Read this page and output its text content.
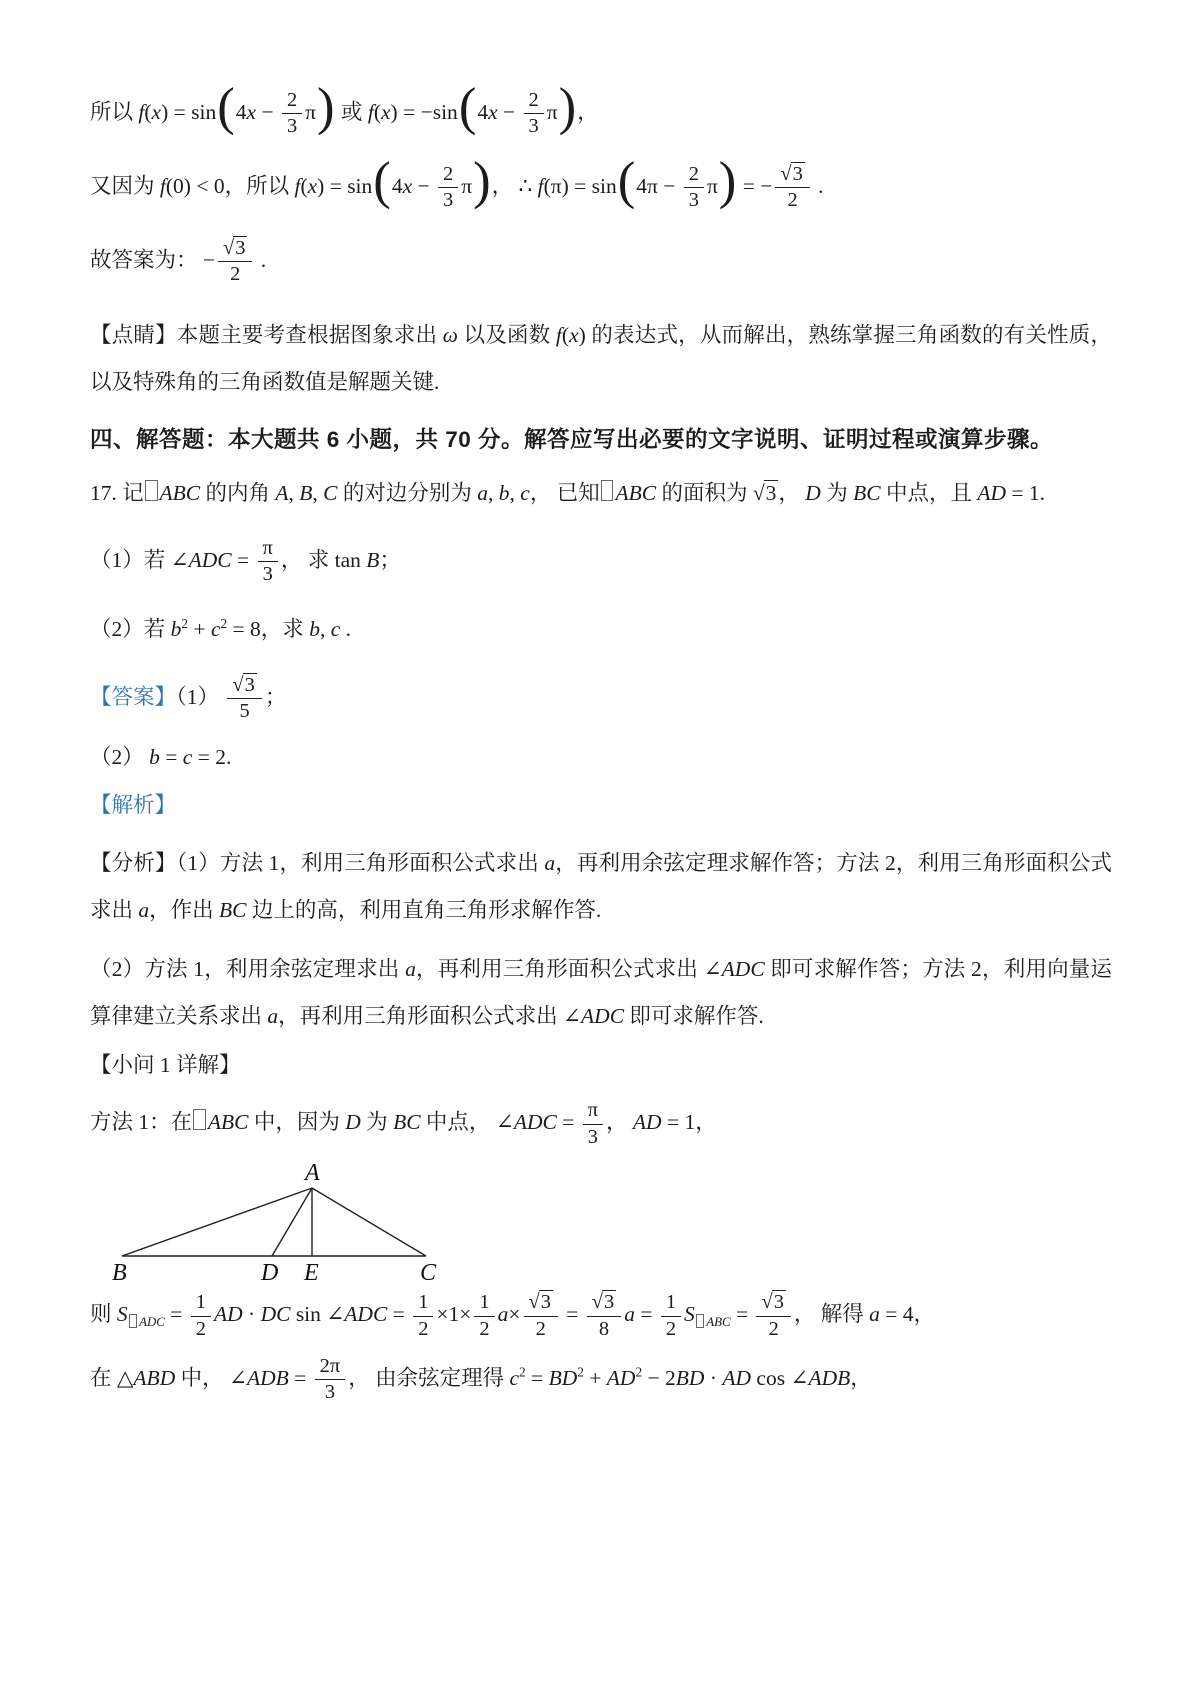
所以 $f(x) = \sin(4x - \frac{2}{3} \pi)$ 或 $f(x) = -\sin(4x - \frac{2}{3} \pi)$，
又因为 f(0) < 0，所以 $f(x) = \sin(4x - \frac{2}{3} \pi)$， ∴ $f(\pi) = \sin(4\pi - \frac{2}{3} \pi)$ = − $\frac{√3}{2}$ .
故答案为： − $\frac{√3}{2}$ .
【点睛】本题主要考查根据图象求出 ω 以及函数 f(x) 的表达式，从而解出，熟练掌握三角函数的有关性质，以及特殊角的三角函数值是解题关键.
四、解答题：本大题共 6 小题，共 70 分。解答应写出必要的文字说明、证明过程或演算步骤。
17. 记 ABC 的内角 A, B, C 的对边分别为 a, b, c， 已知 ABC 的面积为 √3， D 为 BC 中点，且 AD = 1.
（1）若 ∠ADC = $\frac{\pi}{3}$ ， 求 tan B；
（2）若 $b^2 + c^2 = 8$，求 b, c .
【答案】$(1) \frac{√3}{5}$ ；
（2） b = c = 2.
【解析】
【分析】（1）方法 1，利用三角形面积公式求出 a，再利用余弦定理求解作答；方法 2，利用三角形面积公式求出 a，作出 BC 边上的高，利用直角三角形求解作答.
（2）方法 1，利用余弦定理求出 a，再利用三角形面积公式求出 ∠ADC 即可求解作答；方法 2，利用向量运算律建立关系求出 a，再利用三角形面积公式求出 ∠ADC 即可求解作答.
【小问 1 详解】
方法 1：在 ABC 中，因为 D 为 BC 中点， ∠ADC = $\frac{\pi}{3}$ ， AD = 1，
A
B	D E	C
则 S $_{ADC} = \frac{1}{2}$ AD · DC sin ∠ADC = $\frac{1}{2} \times 1\times \frac{1}{2} a\times \frac{√3}{2} = \frac{√3}{8}$ $a = \frac{1}{2}$ S $_{ABC} = \frac{√3}{2}$ ， 解得 a = 4，
在 △ABD 中， ∠ADB = $\frac{2\pi}{3}$ ， 由余弦定理得 $c^2 = BD^2 + AD^2 - 2BD$ · AD cos ∠ADB，
